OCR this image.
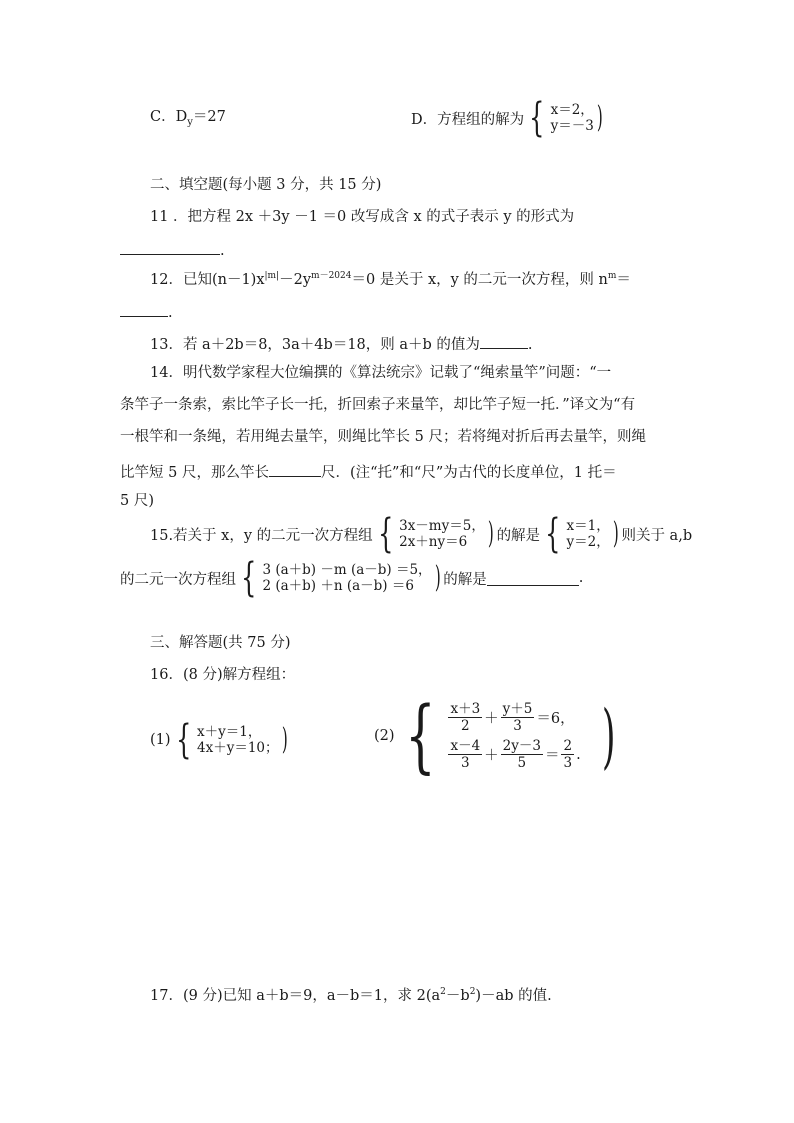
C．$D_y=27$	D．方程组的解为 { x＝2，
y＝－3 )
二、填空题(每小题 3 分，共 15 分)
11 ．把方程 2x ＋3y －1 ＝0 改写成含 x 的式子表示 y 的形式为
.
12．已知$(n-1)x^{|m|}-2y^{m-2024}=0$ 是关于 x，y 的二元一次方程，则 $n^m=$
.
13．若 a＋2b＝8，3a＋4b＝18，则 a＋b 的值为	.
14．明代数学家程大位编撰的《算法统宗》记载了“绳索量竿”问题：“一
条竿子一条索，索比竿子长一托，折回索子来量竿，却比竿子短一托．”译文为“有
一根竿和一条绳，若用绳去量竿，则绳比竿长 5 尺；若将绳对折后再去量竿，则绳
比竿短 5 尺，那么竿长	尺．(注“托”和“尺”为古代的长度单位，1 托＝
5 尺)
15.若关于 x，y 的二元一次方程组 { 3x－my＝5，
2x＋ny＝6 ) 的解是 { x＝1，
y＝2， ) 则关于 a,b
的二元一次方程组 { 3 (a＋b) －m (a－b) ＝5，
2 (a＋b) ＋n (a－b) ＝6 ) 的解是	.
三、解答题(共 75 分)
16．(8 分)解方程组：
(1) { x＋y＝1，
4x＋y＝10； )	(2) { $\frac{x+3}{2} + \frac{y+5}{3} =6$，
$\frac{x-4}{3} + \frac{2y-3}{5} = \frac{2}{3}$ . )
17．(9 分)已知 a＋b＝9，a－b＝1，求 $2(a^2-b^2)-ab$ 的值.
